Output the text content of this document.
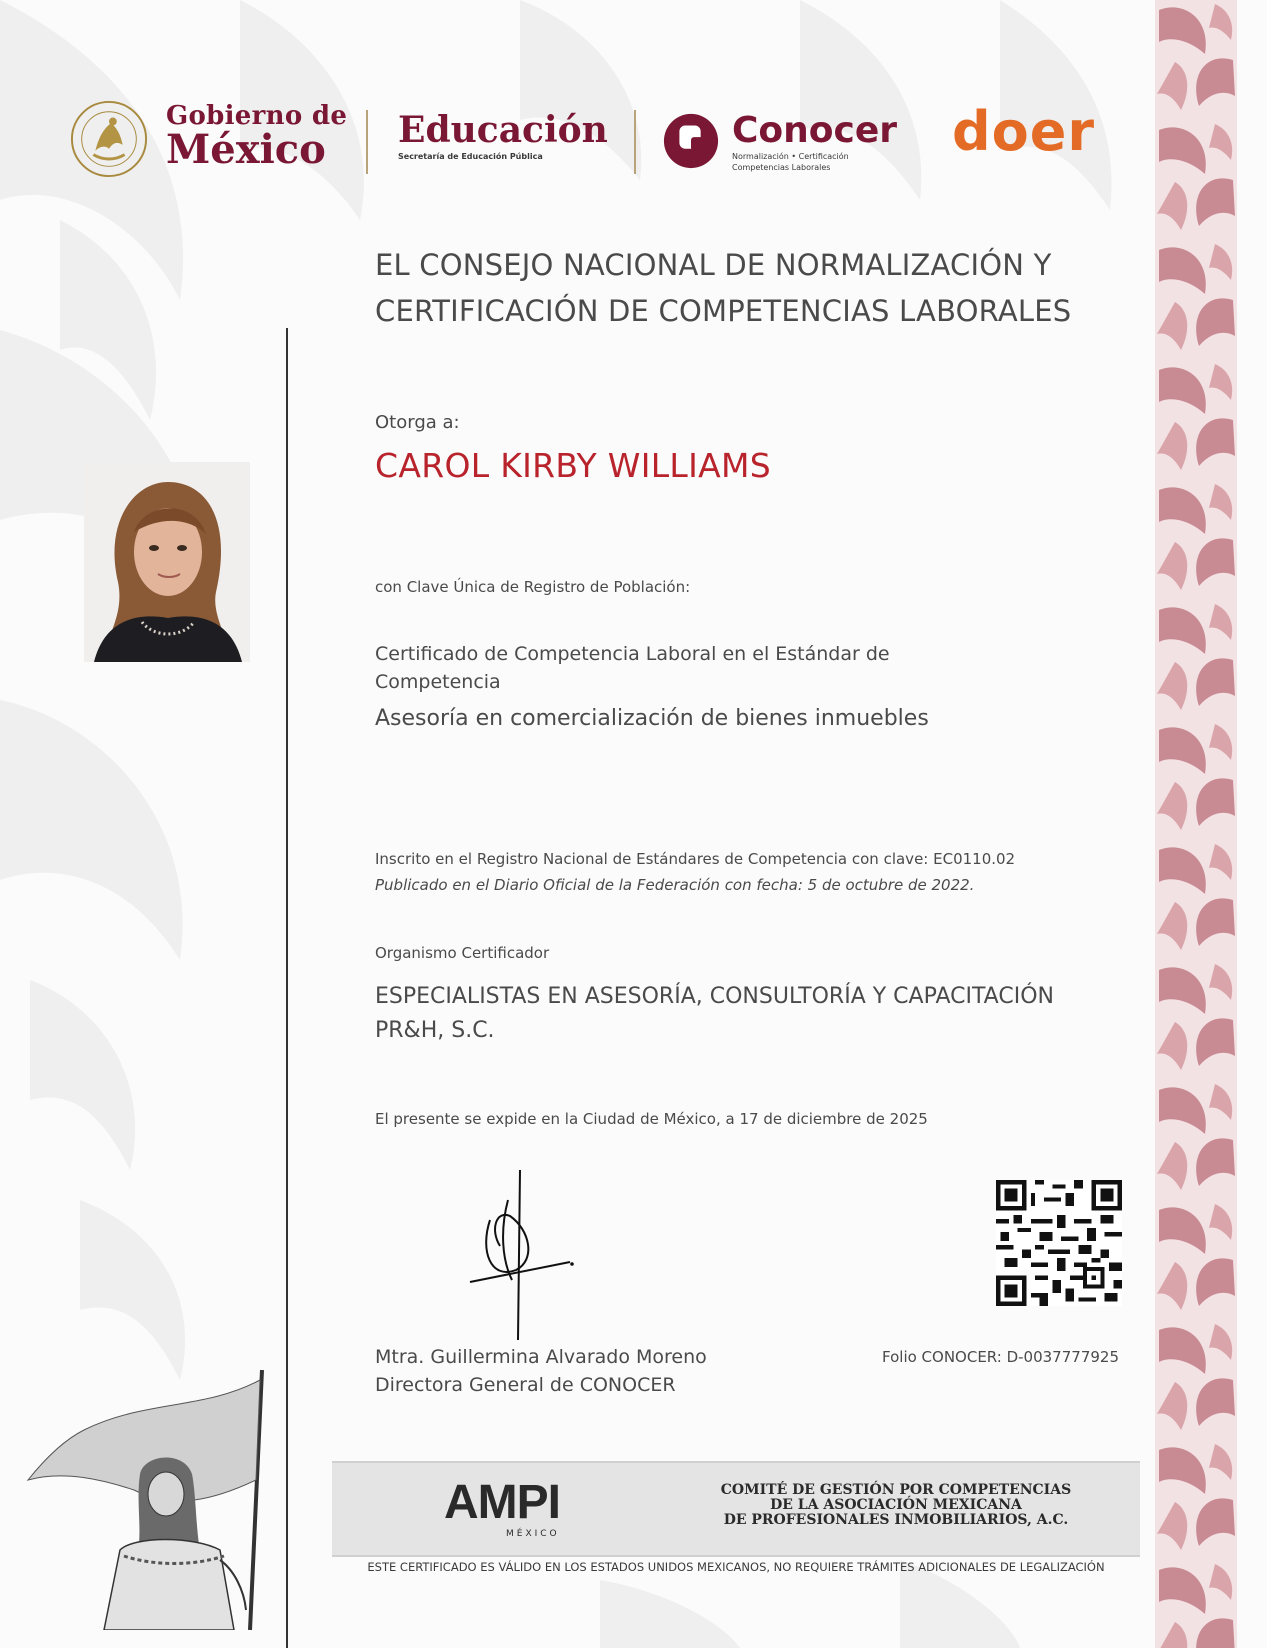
Gobierno de
México	Educación
Secretaría de Educación Pública
Conocer
Normalización • Certificación
Competencias Laborales
doer
EL CONSEJO NACIONAL DE NORMALIZACIÓN Y
CERTIFICACIÓN DE COMPETENCIAS LABORALES
Otorga a:
CAROL KIRBY WILLIAMS
con Clave Única de Registro de Población:
Certificado de Competencia Laboral en el Estándar de Competencia
Asesoría en comercialización de bienes inmuebles
Inscrito en el Registro Nacional de Estándares de Competencia con clave: EC0110.02
Publicado en el Diario Oficial de la Federación con fecha: 5 de octubre de 2022.
Organismo Certificador
ESPECIALISTAS EN ASESORÍA, CONSULTORÍA Y CAPACITACIÓN
PR&H, S.C.
El presente se expide en la Ciudad de México, a 17 de diciembre de 2025
Mtra. Guillermina Alvarado Moreno
Directora General de CONOCER
Folio CONOCER: D-0037777925
AMPI
MÉXICO
COMITÉ DE GESTIÓN POR COMPETENCIAS
DE LA ASOCIACIÓN MEXICANA
DE PROFESIONALES INMOBILIARIOS, A.C.
ESTE CERTIFICADO ES VÁLIDO EN LOS ESTADOS UNIDOS MEXICANOS, NO REQUIERE TRÁMITES ADICIONALES DE LEGALIZACIÓN
